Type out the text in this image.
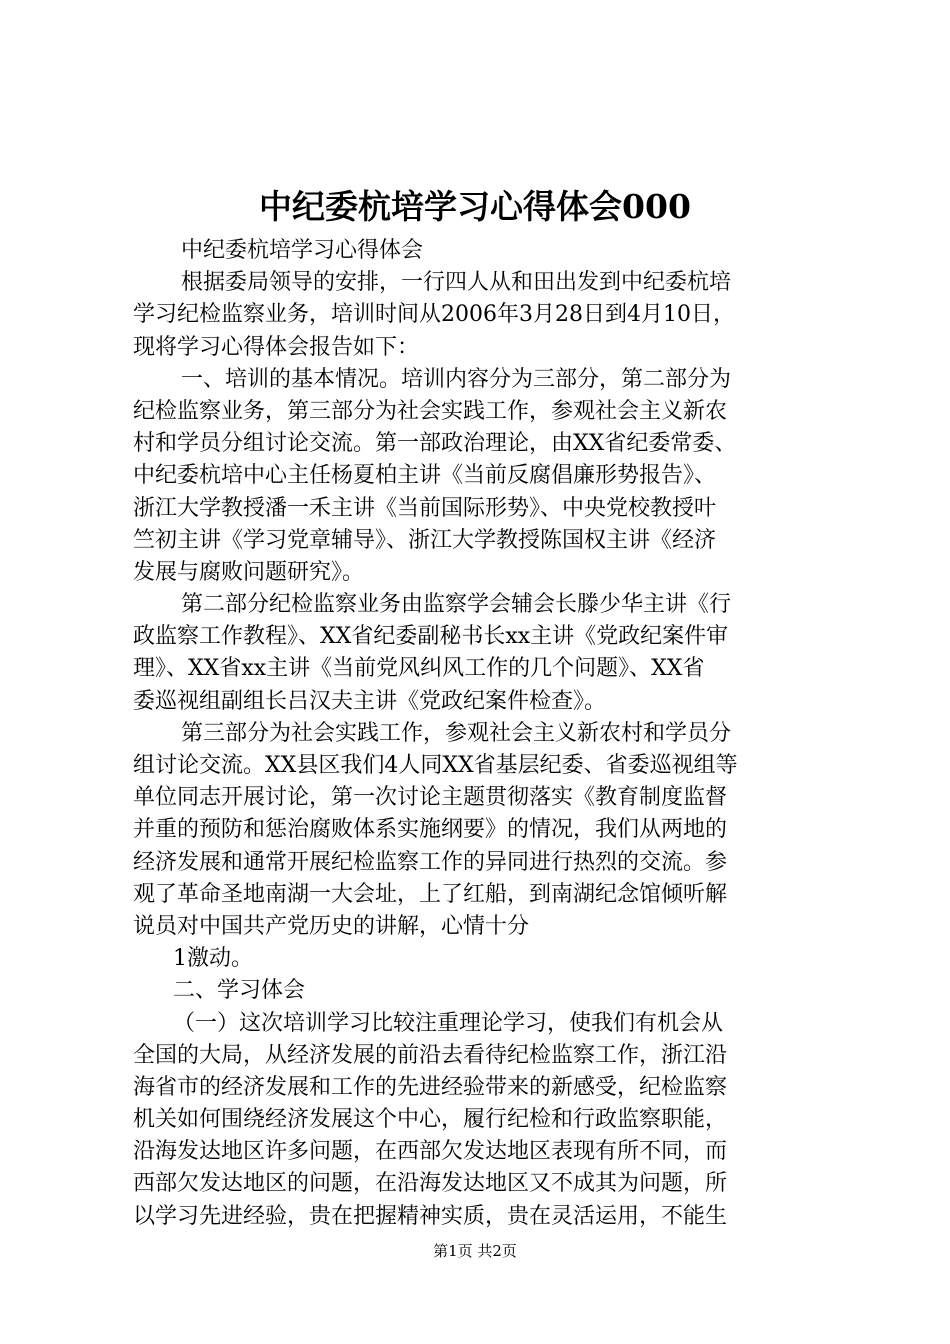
中纪委杭培学习心得体会000
中纪委杭培学习心得体会
根据委局领导的安排，一行四人从和田出发到中纪委杭培
学习纪检监察业务，培训时间从2006年3月28日到4月10日，
现将学习心得体会报告如下：
一、培训的基本情况。培训内容分为三部分，第二部分为
纪检监察业务，第三部分为社会实践工作，参观社会主义新农
村和学员分组讨论交流。第一部政治理论，由XX省纪委常委、
中纪委杭培中心主任杨夏柏主讲《当前反腐倡廉形势报告》、
浙江大学教授潘一禾主讲《当前国际形势》、中央党校教授叶
竺初主讲《学习党章辅导》、浙江大学教授陈国权主讲《经济
发展与腐败问题研究》。
第二部分纪检监察业务由监察学会辅会长滕少华主讲《行
政监察工作教程》、XX省纪委副秘书长xx主讲《党政纪案件审
理》、XX省xx主讲《当前党风纠风工作的几个问题》、XX省
委巡视组副组长吕汉夫主讲《党政纪案件检查》。
第三部分为社会实践工作，参观社会主义新农村和学员分
组讨论交流。XX县区我们4人同XX省基层纪委、省委巡视组等
单位同志开展讨论，第一次讨论主题贯彻落实《教育制度监督
并重的预防和惩治腐败体系实施纲要》的情况，我们从两地的
经济发展和通常开展纪检监察工作的异同进行热烈的交流。参
观了革命圣地南湖一大会址，上了红船，到南湖纪念馆倾听解
说员对中国共产党历史的讲解，心情十分
1激动。
二、学习体会
（一）这次培训学习比较注重理论学习，使我们有机会从
全国的大局，从经济发展的前沿去看待纪检监察工作，浙江沿
海省市的经济发展和工作的先进经验带来的新感受，纪检监察
机关如何围绕经济发展这个中心，履行纪检和行政监察职能，
沿海发达地区许多问题，在西部欠发达地区表现有所不同，而
西部欠发达地区的问题，在沿海发达地区又不成其为问题，所
以学习先进经验，贵在把握精神实质，贵在灵活运用，不能生
第1页 共2页
